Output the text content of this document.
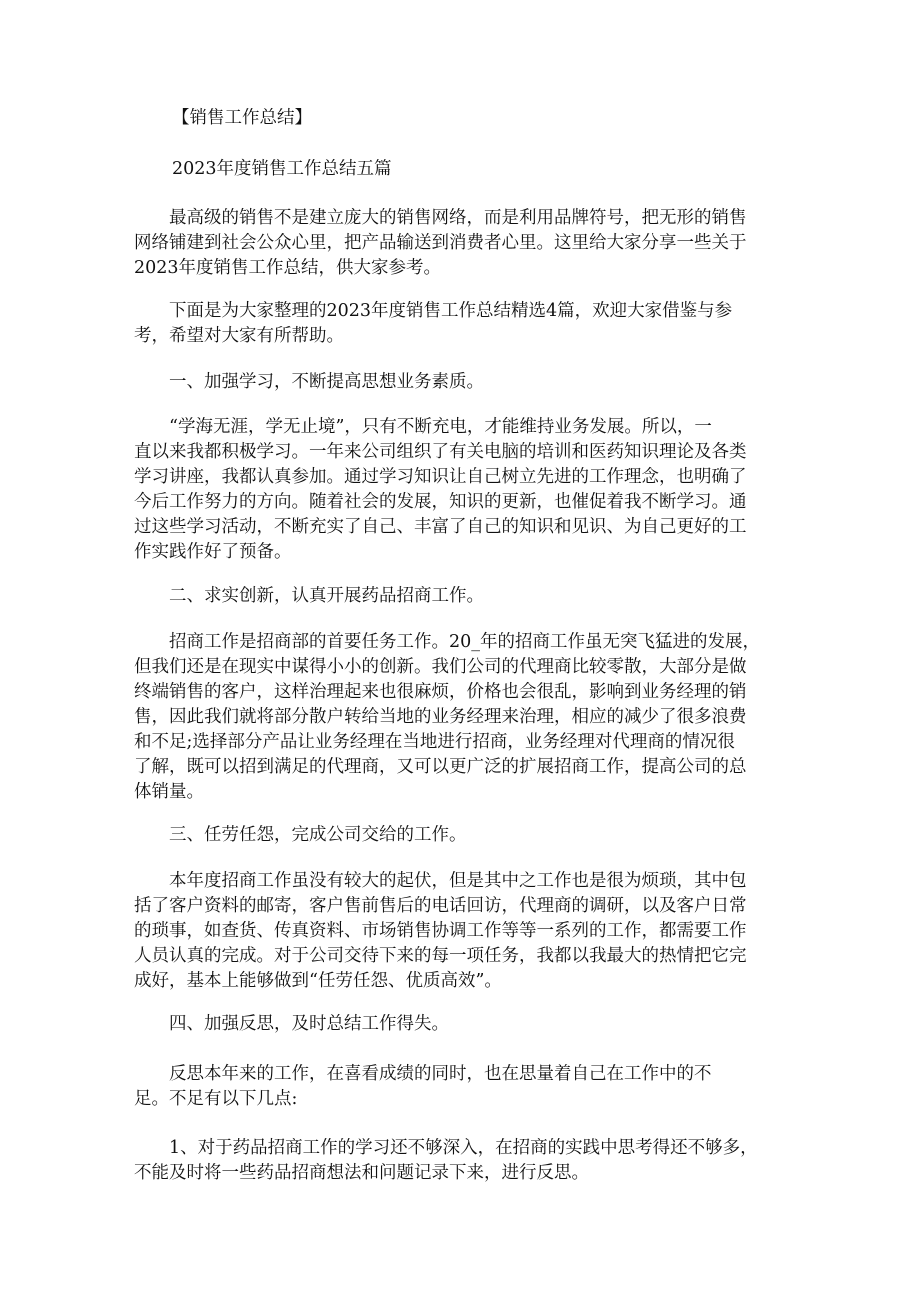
【销售工作总结】

2023年度销售工作总结五篇

最高级的销售不是建立庞大的销售网络，而是利用品牌符号，把无形的销售

网络铺建到社会公众心里，把产品输送到消费者心里。这里给大家分享一些关于

2023年度销售工作总结，供大家参考。

下面是为大家整理的2023年度销售工作总结精选4篇，欢迎大家借鉴与参

考，希望对大家有所帮助。

一、加强学习，不断提高思想业务素质。

“学海无涯，学无止境”，只有不断充电，才能维持业务发展。所以，一

直以来我都积极学习。一年来公司组织了有关电脑的培训和医药知识理论及各类

学习讲座，我都认真参加。通过学习知识让自己树立先进的工作理念，也明确了

今后工作努力的方向。随着社会的发展，知识的更新，也催促着我不断学习。通

过这些学习活动，不断充实了自己、丰富了自己的知识和见识、为自己更好的工

作实践作好了预备。

二、求实创新，认真开展药品招商工作。

招商工作是招商部的首要任务工作。20_年的招商工作虽无突飞猛进的发展，

但我们还是在现实中谋得小小的创新。我们公司的代理商比较零散，大部分是做

终端销售的客户，这样治理起来也很麻烦，价格也会很乱，影响到业务经理的销

售，因此我们就将部分散户转给当地的业务经理来治理，相应的减少了很多浪费

和不足;选择部分产品让业务经理在当地进行招商，业务经理对代理商的情况很

了解，既可以招到满足的代理商，又可以更广泛的扩展招商工作，提高公司的总

体销量。

三、任劳任怨，完成公司交给的工作。

本年度招商工作虽没有较大的起伏，但是其中之工作也是很为烦琐，其中包

括了客户资料的邮寄，客户售前售后的电话回访，代理商的调研，以及客户日常

的琐事，如查货、传真资料、市场销售协调工作等等一系列的工作，都需要工作

人员认真的完成。对于公司交待下来的每一项任务，我都以我最大的热情把它完

成好，基本上能够做到“任劳任怨、优质高效”。

四、加强反思，及时总结工作得失。

反思本年来的工作，在喜看成绩的同时，也在思量着自己在工作中的不

足。不足有以下几点:

1、对于药品招商工作的学习还不够深入，在招商的实践中思考得还不够多，

不能及时将一些药品招商想法和问题记录下来，进行反思。
